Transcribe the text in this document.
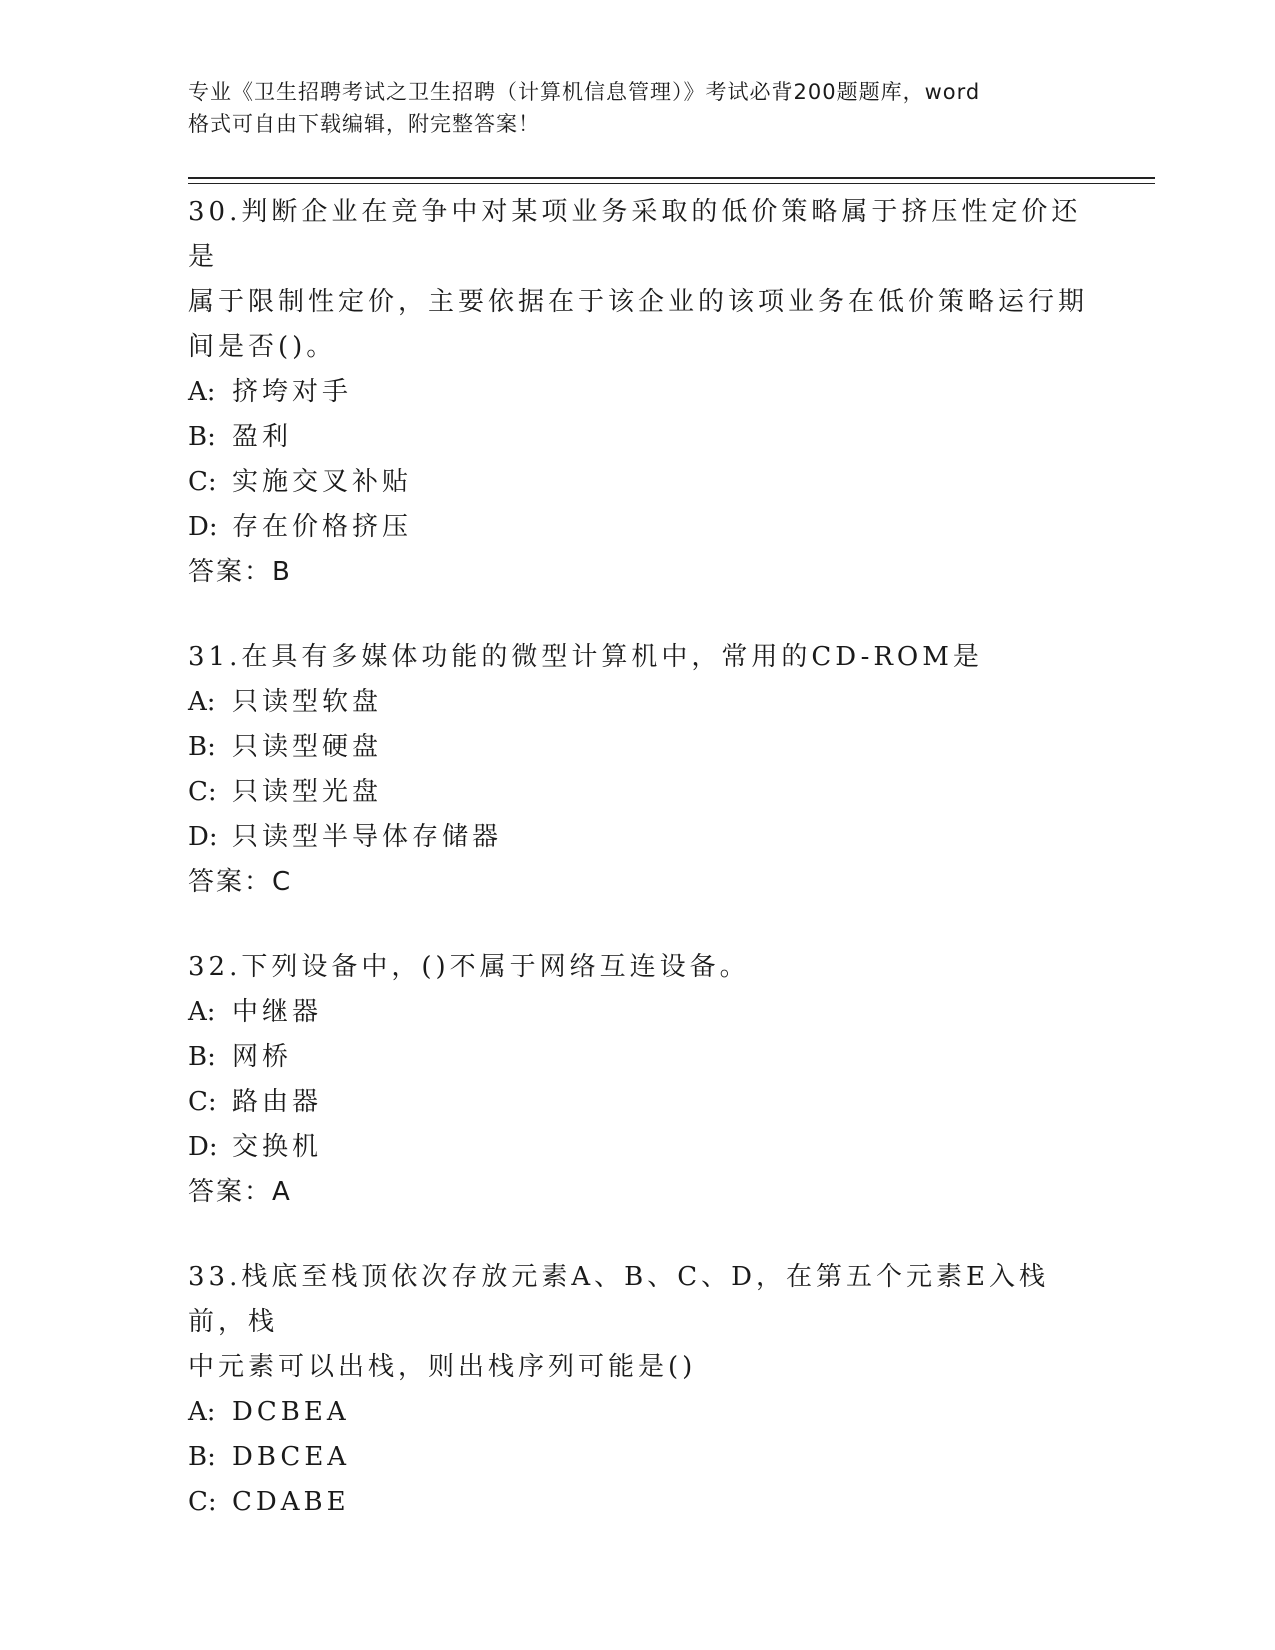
专业《卫生招聘考试之卫生招聘（计算机信息管理）》考试必背200题题库，word
格式可自由下载编辑，附完整答案！

30.判断企业在竞争中对某项业务采取的低价策略属于挤压性定价还是

属于限制性定价，主要依据在于该企业的该项业务在低价策略运行期

间是否()。

A: 挤垮对手

B: 盈利

C: 实施交叉补贴

D: 存在价格挤压

答案：B

31.在具有多媒体功能的微型计算机中，常用的CD-ROM是

A: 只读型软盘

B: 只读型硬盘

C: 只读型光盘

D: 只读型半导体存储器

答案：C

32.下列设备中，()不属于网络互连设备。

A: 中继器

B: 网桥

C: 路由器

D: 交换机

答案：A

33.栈底至栈顶依次存放元素A、B、C、D，在第五个元素E入栈前，栈

中元素可以出栈，则出栈序列可能是()

A: DCBEA

B: DBCEA

C: CDABE
